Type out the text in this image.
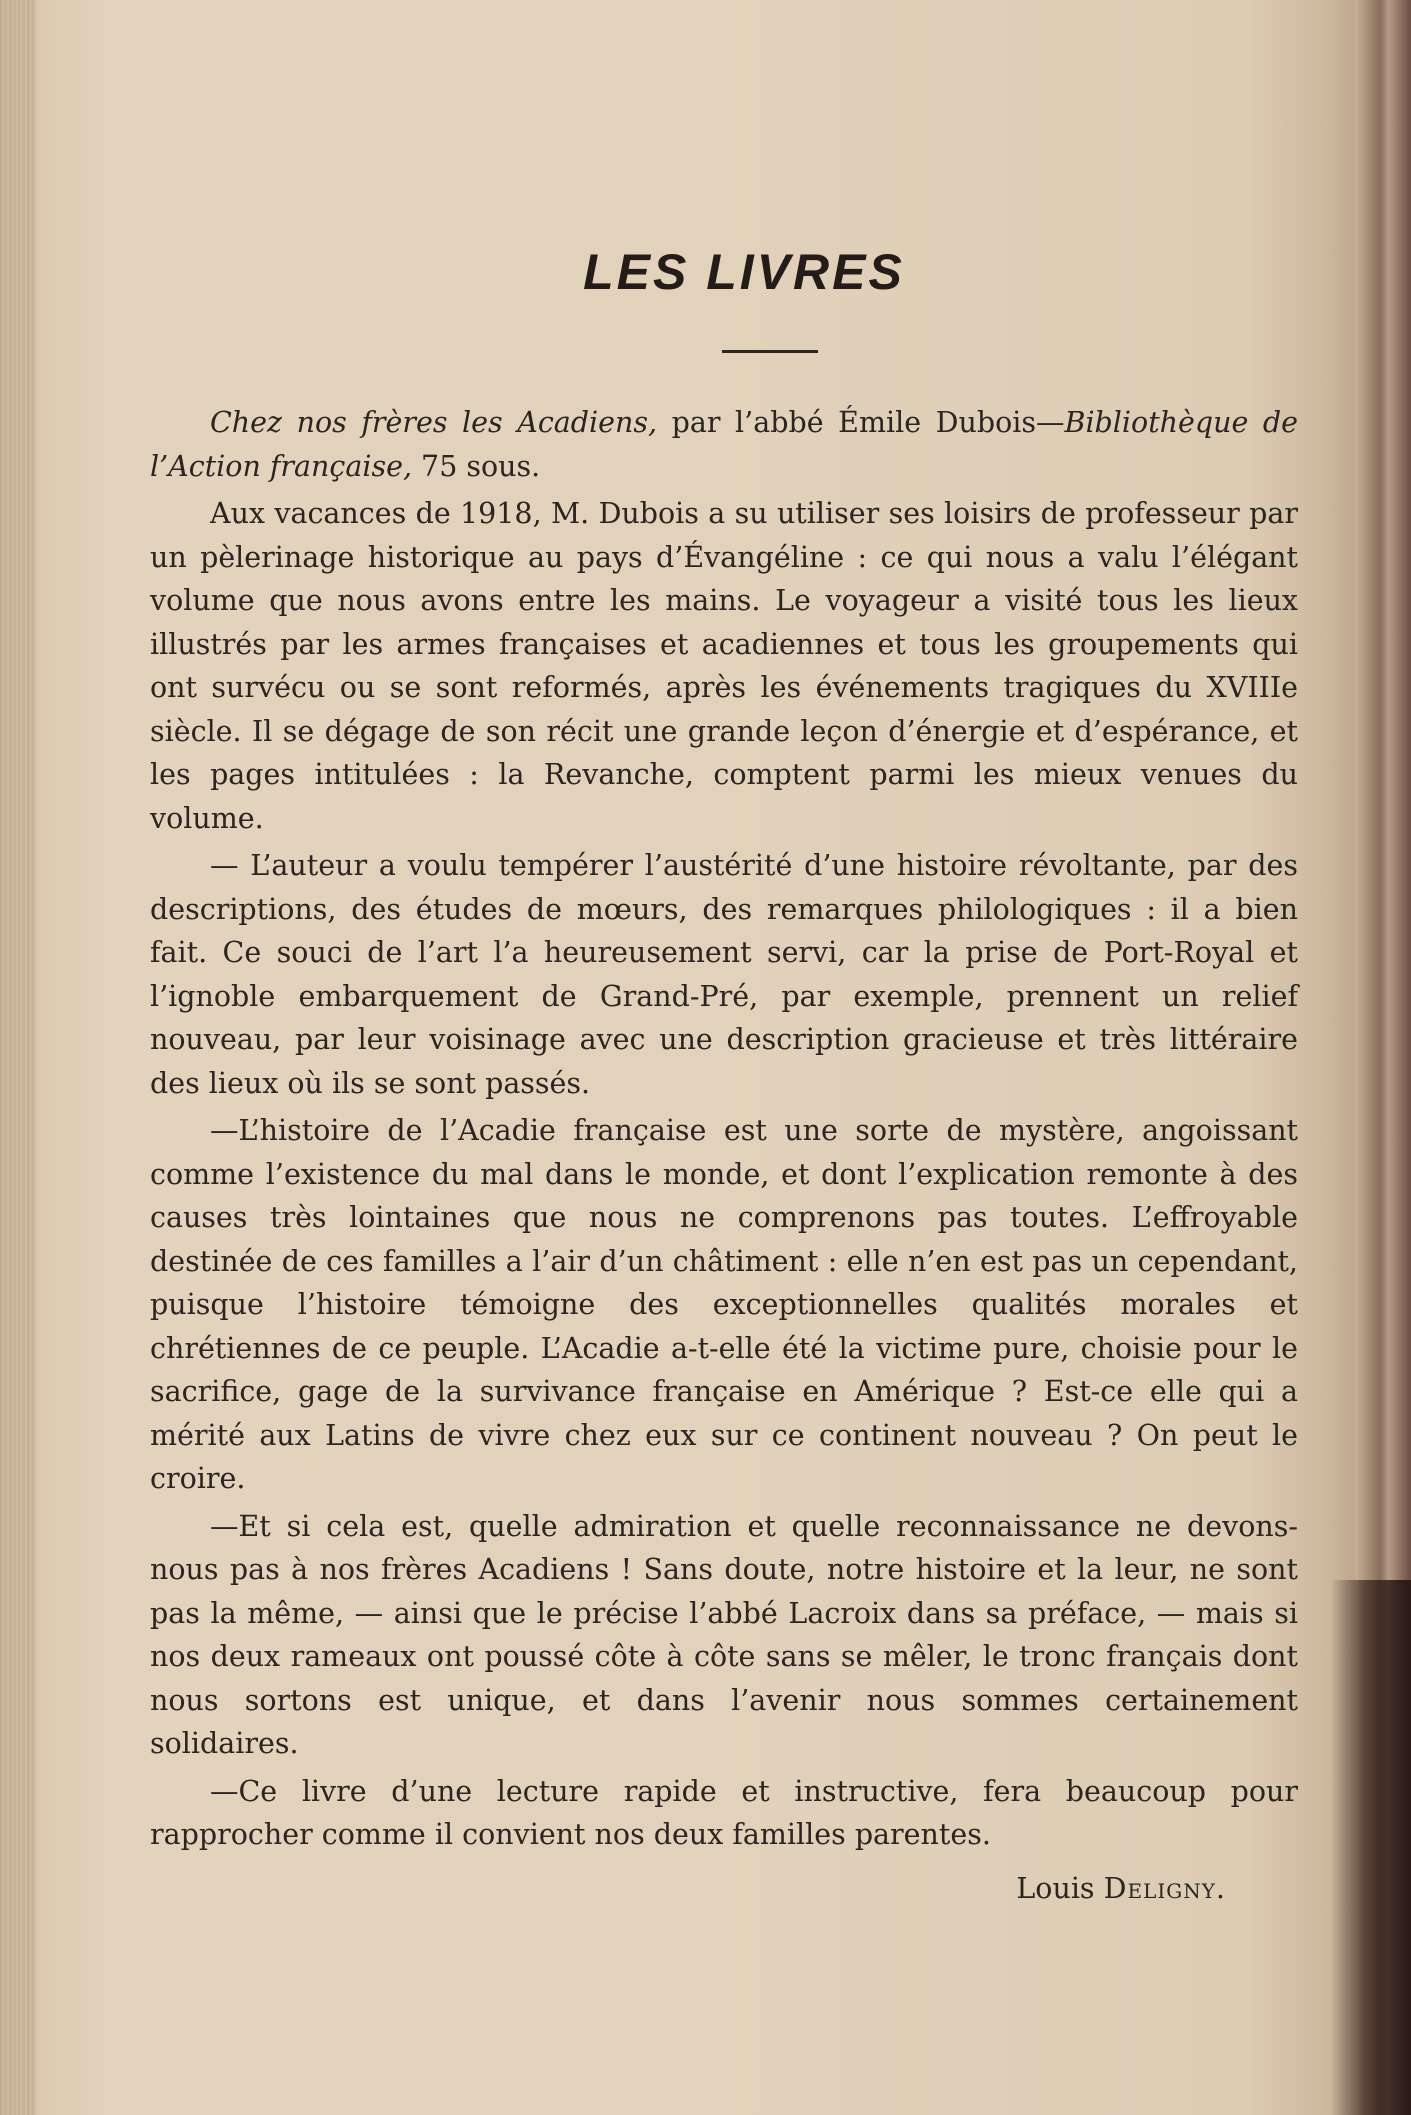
LES LIVRES

Chez nos frères les Acadiens, par l’abbé Émile Dubois—Bibliothèque de l’Action française, 75 sous.

Aux vacances de 1918, M. Dubois a su utiliser ses loisirs de professeur par un pèlerinage historique au pays d’Évangéline : ce qui nous a valu l’élégant volume que nous avons entre les mains. Le voyageur a visité tous les lieux illustrés par les armes françaises et acadiennes et tous les groupements qui ont survécu ou se sont reformés, après les événements tragiques du XVIIIe siècle. Il se dégage de son récit une grande leçon d’énergie et d’espérance, et les pages intitulées : la Revanche, comptent parmi les mieux venues du volume.

— L’auteur a voulu tempérer l’austérité d’une histoire révoltante, par des descriptions, des études de mœurs, des remarques philologiques : il a bien fait. Ce souci de l’art l’a heureusement servi, car la prise de Port-Royal et l’ignoble embarquement de Grand-Pré, par exemple, prennent un relief nouveau, par leur voisinage avec une description gracieuse et très littéraire des lieux où ils se sont passés.

—L’histoire de l’Acadie française est une sorte de mystère, angoissant comme l’existence du mal dans le monde, et dont l’explication remonte à des causes très lointaines que nous ne comprenons pas toutes. L’effroyable destinée de ces familles a l’air d’un châtiment : elle n’en est pas un cependant, puisque l’histoire témoigne des exceptionnelles qualités morales et chrétiennes de ce peuple. L’Acadie a-t-elle été la victime pure, choisie pour le sacrifice, gage de la survivance française en Amérique ? Est-ce elle qui a mérité aux Latins de vivre chez eux sur ce continent nouveau ? On peut le croire.

—Et si cela est, quelle admiration et quelle reconnaissance ne devons-nous pas à nos frères Acadiens ! Sans doute, notre histoire et la leur, ne sont pas la même, — ainsi que le précise l’abbé Lacroix dans sa préface, — mais si nos deux rameaux ont poussé côte à côte sans se mêler, le tronc français dont nous sortons est unique, et dans l’avenir nous sommes certainement solidaires.

—Ce livre d’une lecture rapide et instructive, fera beaucoup pour rapprocher comme il convient nos deux familles parentes.

Louis Deligny.
